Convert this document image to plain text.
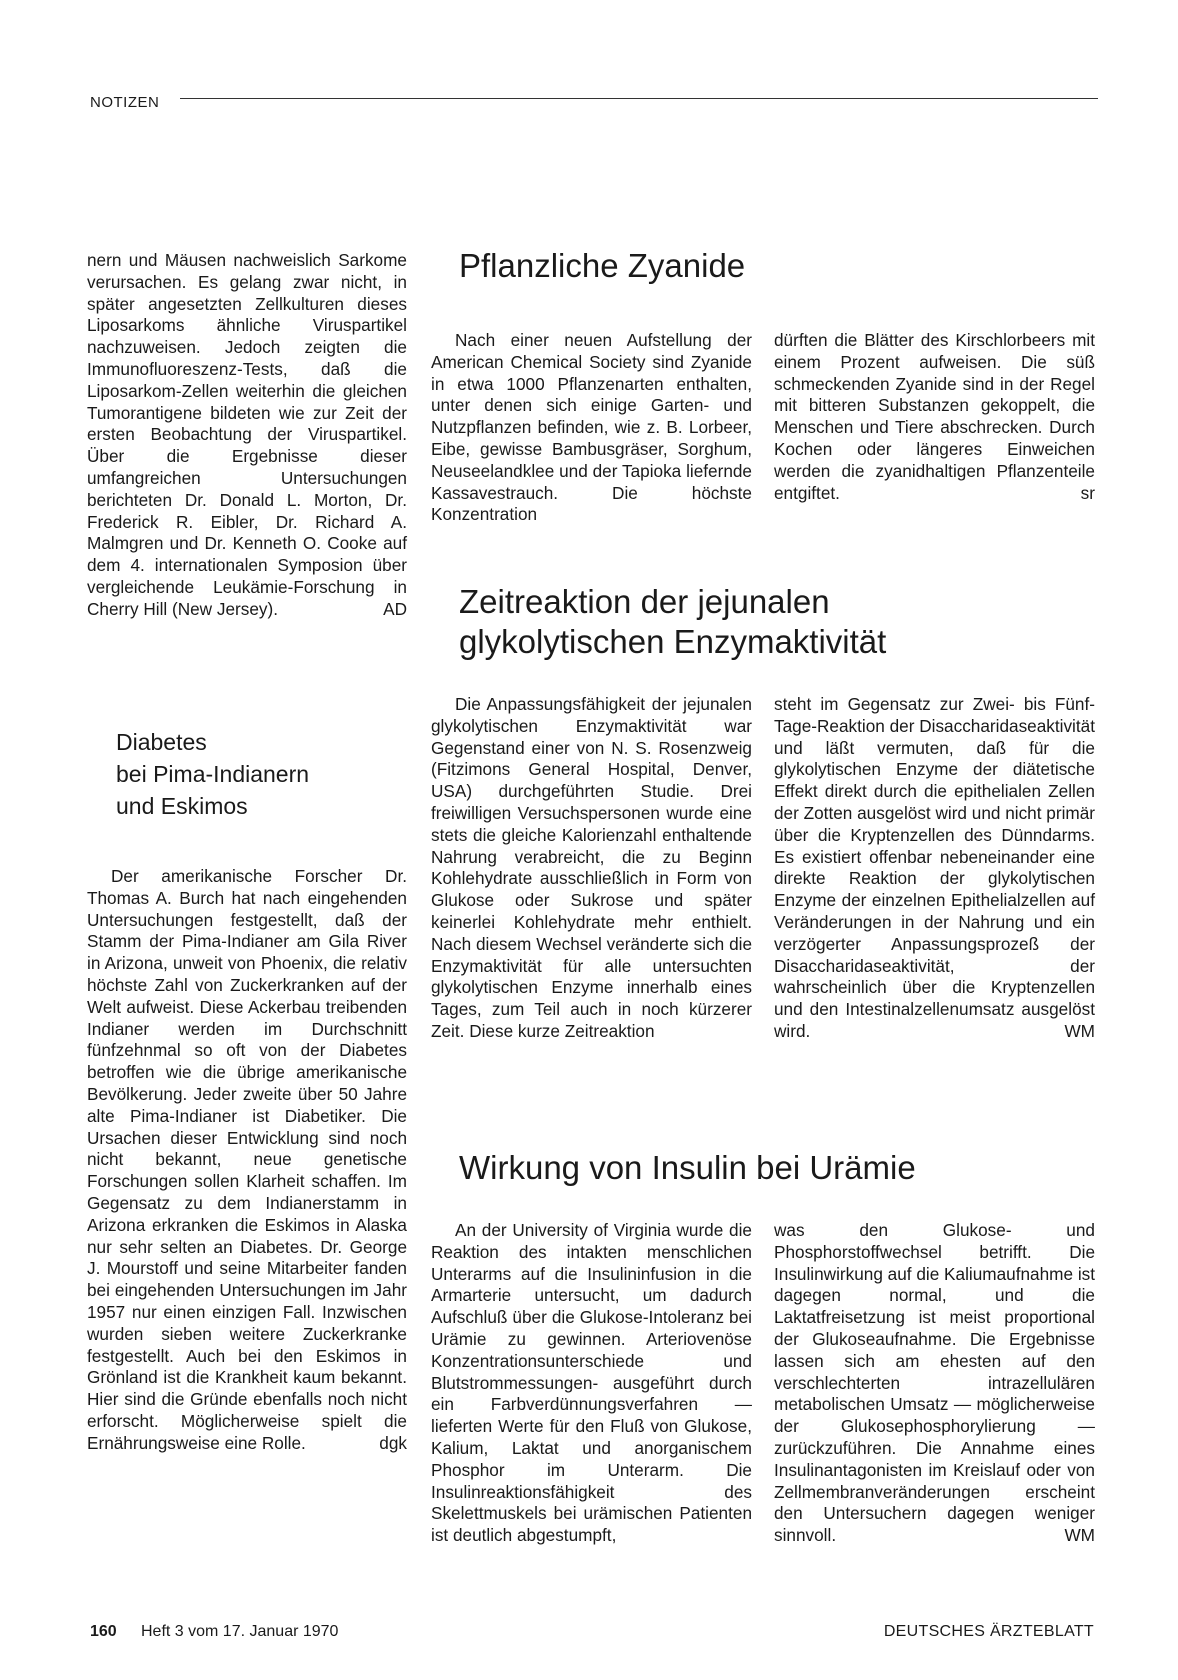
NOTIZEN

nern und Mäusen nachweislich Sarkome verursachen. Es gelang zwar nicht, in später angesetzten Zellkulturen dieses Liposarkoms ähnliche Viruspartikel nachzuweisen. Jedoch zeigten die Immunofluoreszenz-Tests, daß die Liposarkom-Zellen weiterhin die gleichen Tumorantigene bildeten wie zur Zeit der ersten Beobachtung der Viruspartikel. Über die Ergebnisse dieser umfangreichen Untersuchungen berichteten Dr. Donald L. Morton, Dr. Frederick R. Eibler, Dr. Richard A. Malmgren und Dr. Kenneth O. Cooke auf dem 4. internationalen Symposion über vergleichende Leukämie-Forschung in Cherry Hill (New Jersey).	AD

Diabetes
bei Pima-Indianern
und Eskimos

Der amerikanische Forscher Dr. Thomas A. Burch hat nach eingehenden Untersuchungen festgestellt, daß der Stamm der Pima-Indianer am Gila River in Arizona, unweit von Phoenix, die relativ höchste Zahl von Zuckerkranken auf der Welt aufweist. Diese Ackerbau treibenden Indianer werden im Durchschnitt fünfzehnmal so oft von der Diabetes betroffen wie die übrige amerikanische Bevölkerung. Jeder zweite über 50 Jahre alte Pima-Indianer ist Diabetiker. Die Ursachen dieser Entwicklung sind noch nicht bekannt, neue genetische Forschungen sollen Klarheit schaffen. Im Gegensatz zu dem Indianerstamm in Arizona erkranken die Eskimos in Alaska nur sehr selten an Diabetes. Dr. George J. Mourstoff und seine Mitarbeiter fanden bei eingehenden Untersuchungen im Jahr 1957 nur einen einzigen Fall. Inzwischen wurden sieben weitere Zuckerkranke festgestellt. Auch bei den Eskimos in Grönland ist die Krankheit kaum bekannt. Hier sind die Gründe ebenfalls noch nicht erforscht. Möglicherweise spielt die Ernährungsweise eine Rolle.	dgk

Pflanzliche Zyanide

Nach einer neuen Aufstellung der American Chemical Society sind Zyanide in etwa 1000 Pflanzenarten enthalten, unter denen sich einige Garten- und Nutzpflanzen befinden, wie z. B. Lorbeer, Eibe, gewisse Bambusgräser, Sorghum, Neuseelandklee und der Tapioka liefernde Kassavestrauch. Die höchste Konzentration

dürften die Blätter des Kirschlorbeers mit einem Prozent aufweisen. Die süß schmeckenden Zyanide sind in der Regel mit bitteren Substanzen gekoppelt, die Menschen und Tiere abschrecken. Durch Kochen oder längeres Einweichen werden die zyanidhaltigen Pflanzenteile entgiftet.	sr

Zeitreaktion der jejunalen
glykolytischen Enzymaktivität

Die Anpassungsfähigkeit der jejunalen glykolytischen Enzymaktivität war Gegenstand einer von N. S. Rosenzweig (Fitzimons General Hospital, Denver, USA) durchgeführten Studie. Drei freiwilligen Versuchspersonen wurde eine stets die gleiche Kalorienzahl enthaltende Nahrung verabreicht, die zu Beginn Kohlehydrate ausschließlich in Form von Glukose oder Sukrose und später keinerlei Kohlehydrate mehr enthielt. Nach diesem Wechsel veränderte sich die Enzymaktivität für alle untersuchten glykolytischen Enzyme innerhalb eines Tages, zum Teil auch in noch kürzerer Zeit. Diese kurze Zeitreaktion

steht im Gegensatz zur Zwei- bis Fünf-Tage-Reaktion der Disaccharidaseaktivität und läßt vermuten, daß für die glykolytischen Enzyme der diätetische Effekt direkt durch die epithelialen Zellen der Zotten ausgelöst wird und nicht primär über die Kryptenzellen des Dünndarms. Es existiert offenbar nebeneinander eine direkte Reaktion der glykolytischen Enzyme der einzelnen Epithelialzellen auf Veränderungen in der Nahrung und ein verzögerter Anpassungsprozeß der Disaccharidaseaktivität, der wahrscheinlich über die Kryptenzellen und den Intestinalzellenumsatz ausgelöst wird.	WM

Wirkung von Insulin bei Urämie

An der University of Virginia wurde die Reaktion des intakten menschlichen Unterarms auf die Insulininfusion in die Armarterie untersucht, um dadurch Aufschluß über die Glukose-Intoleranz bei Urämie zu gewinnen. Arteriovenöse Konzentrationsunterschiede und Blutstrommessungen- ausgeführt durch ein Farbverdünnungsverfahren — lieferten Werte für den Fluß von Glukose, Kalium, Laktat und anorganischem Phosphor im Unterarm. Die Insulinreaktionsfähigkeit des Skelettmuskels bei urämischen Patienten ist deutlich abgestumpft,

was den Glukose- und Phosphorstoffwechsel betrifft. Die Insulinwirkung auf die Kaliumaufnahme ist dagegen normal, und die Laktatfreisetzung ist meist proportional der Glukoseaufnahme. Die Ergebnisse lassen sich am ehesten auf den verschlechterten intrazellulären metabolischen Umsatz — möglicherweise der Glukosephosphorylierung — zurückzuführen. Die Annahme eines Insulinantagonisten im Kreislauf oder von Zellmembranveränderungen erscheint den Untersuchern dagegen weniger sinnvoll.	WM

160 Heft 3 vom 17. Januar 1970	DEUTSCHES ÄRZTEBLATT
